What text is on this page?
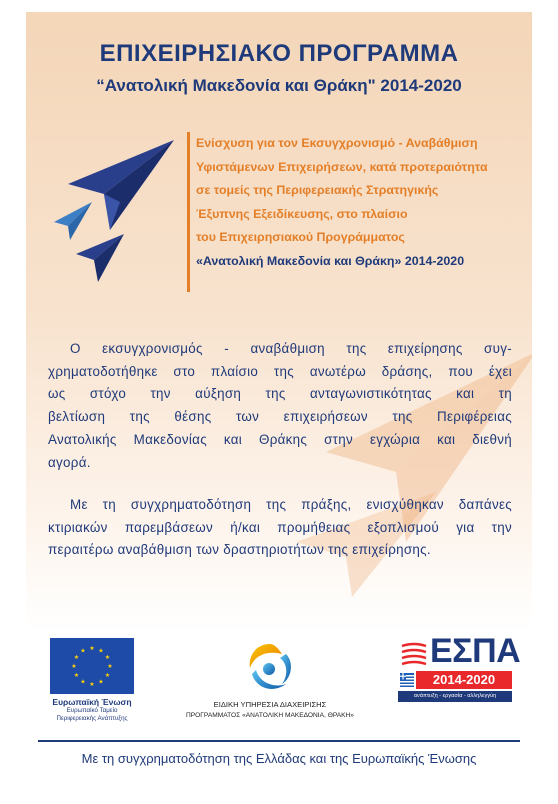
ΕΠΙΧΕΙΡΗΣΙΑΚΟ ΠΡΟΓΡΑΜΜΑ
“Ανατολική Μακεδονία και Θράκη" 2014-2020
Ενίσχυση για τον Εκσυγχρονισμό - Αναβάθμιση
Υφιστάμενων Επιχειρήσεων, κατά προτεραιότητα
σε τομείς της Περιφερειακής Στρατηγικής
Έξυπνης Εξειδίκευσης, στο πλαίσιο
του Επιχειρησιακού Προγράμματος
«Ανατολική Μακεδονία και Θράκη» 2014-2020
Ο εκσυγχρονισμός - αναβάθμιση της επιχείρησης συγ-
χρηματοδοτήθηκε στο πλαίσιο της ανωτέρω δράσης, που έχει
ως στόχο την αύξηση της ανταγωνιστικότητας και τη
βελτίωση της θέσης των επιχειρήσεων της Περιφέρειας
Ανατολικής Μακεδονίας και Θράκης στην εγχώρια και διεθνή
αγορά.
Με τη συγχρηματοδότηση της πράξης, ενισχύθηκαν δαπάνες
κτιριακών παρεμβάσεων ή/και προμήθειας εξοπλισμού για την
περαιτέρω αναβάθμιση των δραστηριοτήτων της επιχείρησης.
★ ★
★
★
★
★
★
★
★
★
★
★
Ευρωπαϊκή Ένωση
Ευρωπαϊκό Ταμείο
Περιφερειακής Ανάπτυξης
ΕΙΔΙΚΗ ΥΠΗΡΕΣΙΑ ΔΙΑΧΕΙΡΙΣΗΣ
ΠΡΟΓΡΑΜΜΑΤΟΣ «ΑΝΑΤΟΛΙΚΗ ΜΑΚΕΔΟΝΙΑ, ΘΡΑΚΗ»
ΕΣΠΑ
2014-2020
ανάπτυξη - εργασία - αλληλεγγύη
Με τη συγχρηματοδότηση της Ελλάδας και της Ευρωπαϊκής Ένωσης
